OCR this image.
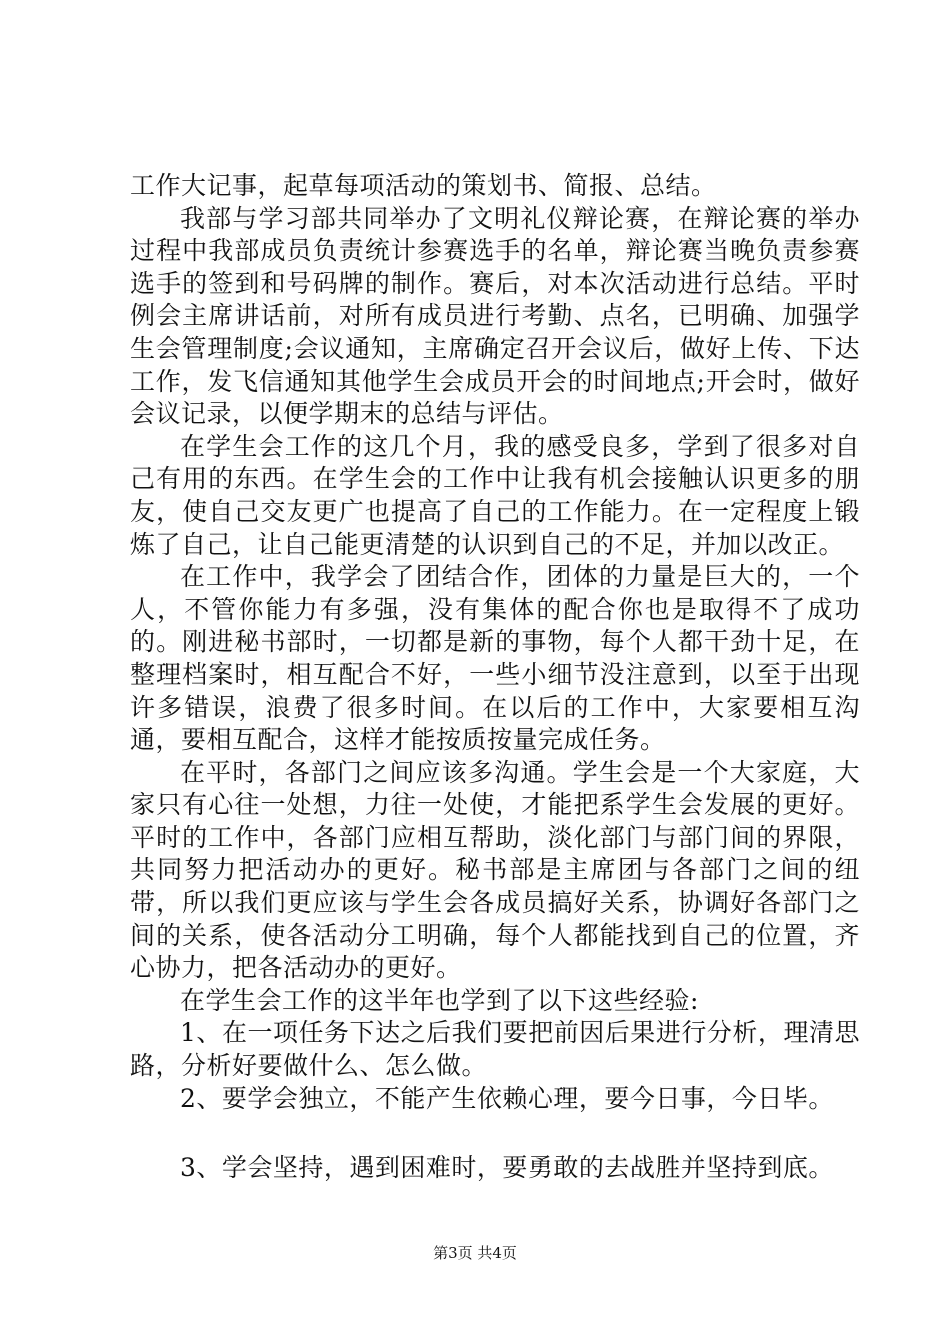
工作大记事，起草每项活动的策划书、简报、总结。

我部与学习部共同举办了文明礼仪辩论赛，在辩论赛的举办过程中我部成员负责统计参赛选手的名单，辩论赛当晚负责参赛选手的签到和号码牌的制作。赛后，对本次活动进行总结。平时例会主席讲话前，对所有成员进行考勤、点名，已明确、加强学生会管理制度;会议通知，主席确定召开会议后，做好上传、下达工作，发飞信通知其他学生会成员开会的时间地点;开会时，做好会议记录，以便学期末的总结与评估。

在学生会工作的这几个月，我的感受良多，学到了很多对自己有用的东西。在学生会的工作中让我有机会接触认识更多的朋友，使自己交友更广也提高了自己的工作能力。在一定程度上锻炼了自己，让自己能更清楚的认识到自己的不足，并加以改正。

在工作中，我学会了团结合作，团体的力量是巨大的，一个人，不管你能力有多强，没有集体的配合你也是取得不了成功的。刚进秘书部时，一切都是新的事物，每个人都干劲十足，在整理档案时，相互配合不好，一些小细节没注意到，以至于出现许多错误，浪费了很多时间。在以后的工作中，大家要相互沟通，要相互配合，这样才能按质按量完成任务。

在平时，各部门之间应该多沟通。学生会是一个大家庭，大家只有心往一处想，力往一处使，才能把系学生会发展的更好。平时的工作中，各部门应相互帮助，淡化部门与部门间的界限，共同努力把活动办的更好。秘书部是主席团与各部门之间的纽带，所以我们更应该与学生会各成员搞好关系，协调好各部门之间的关系，使各活动分工明确，每个人都能找到自己的位置，齐心协力，把各活动办的更好。

在学生会工作的这半年也学到了以下这些经验:

1、在一项任务下达之后我们要把前因后果进行分析，理清思路，分析好要做什么、怎么做。

2、要学会独立，不能产生依赖心理，要今日事，今日毕。

3、学会坚持，遇到困难时，要勇敢的去战胜并坚持到底。

第3页 共4页
